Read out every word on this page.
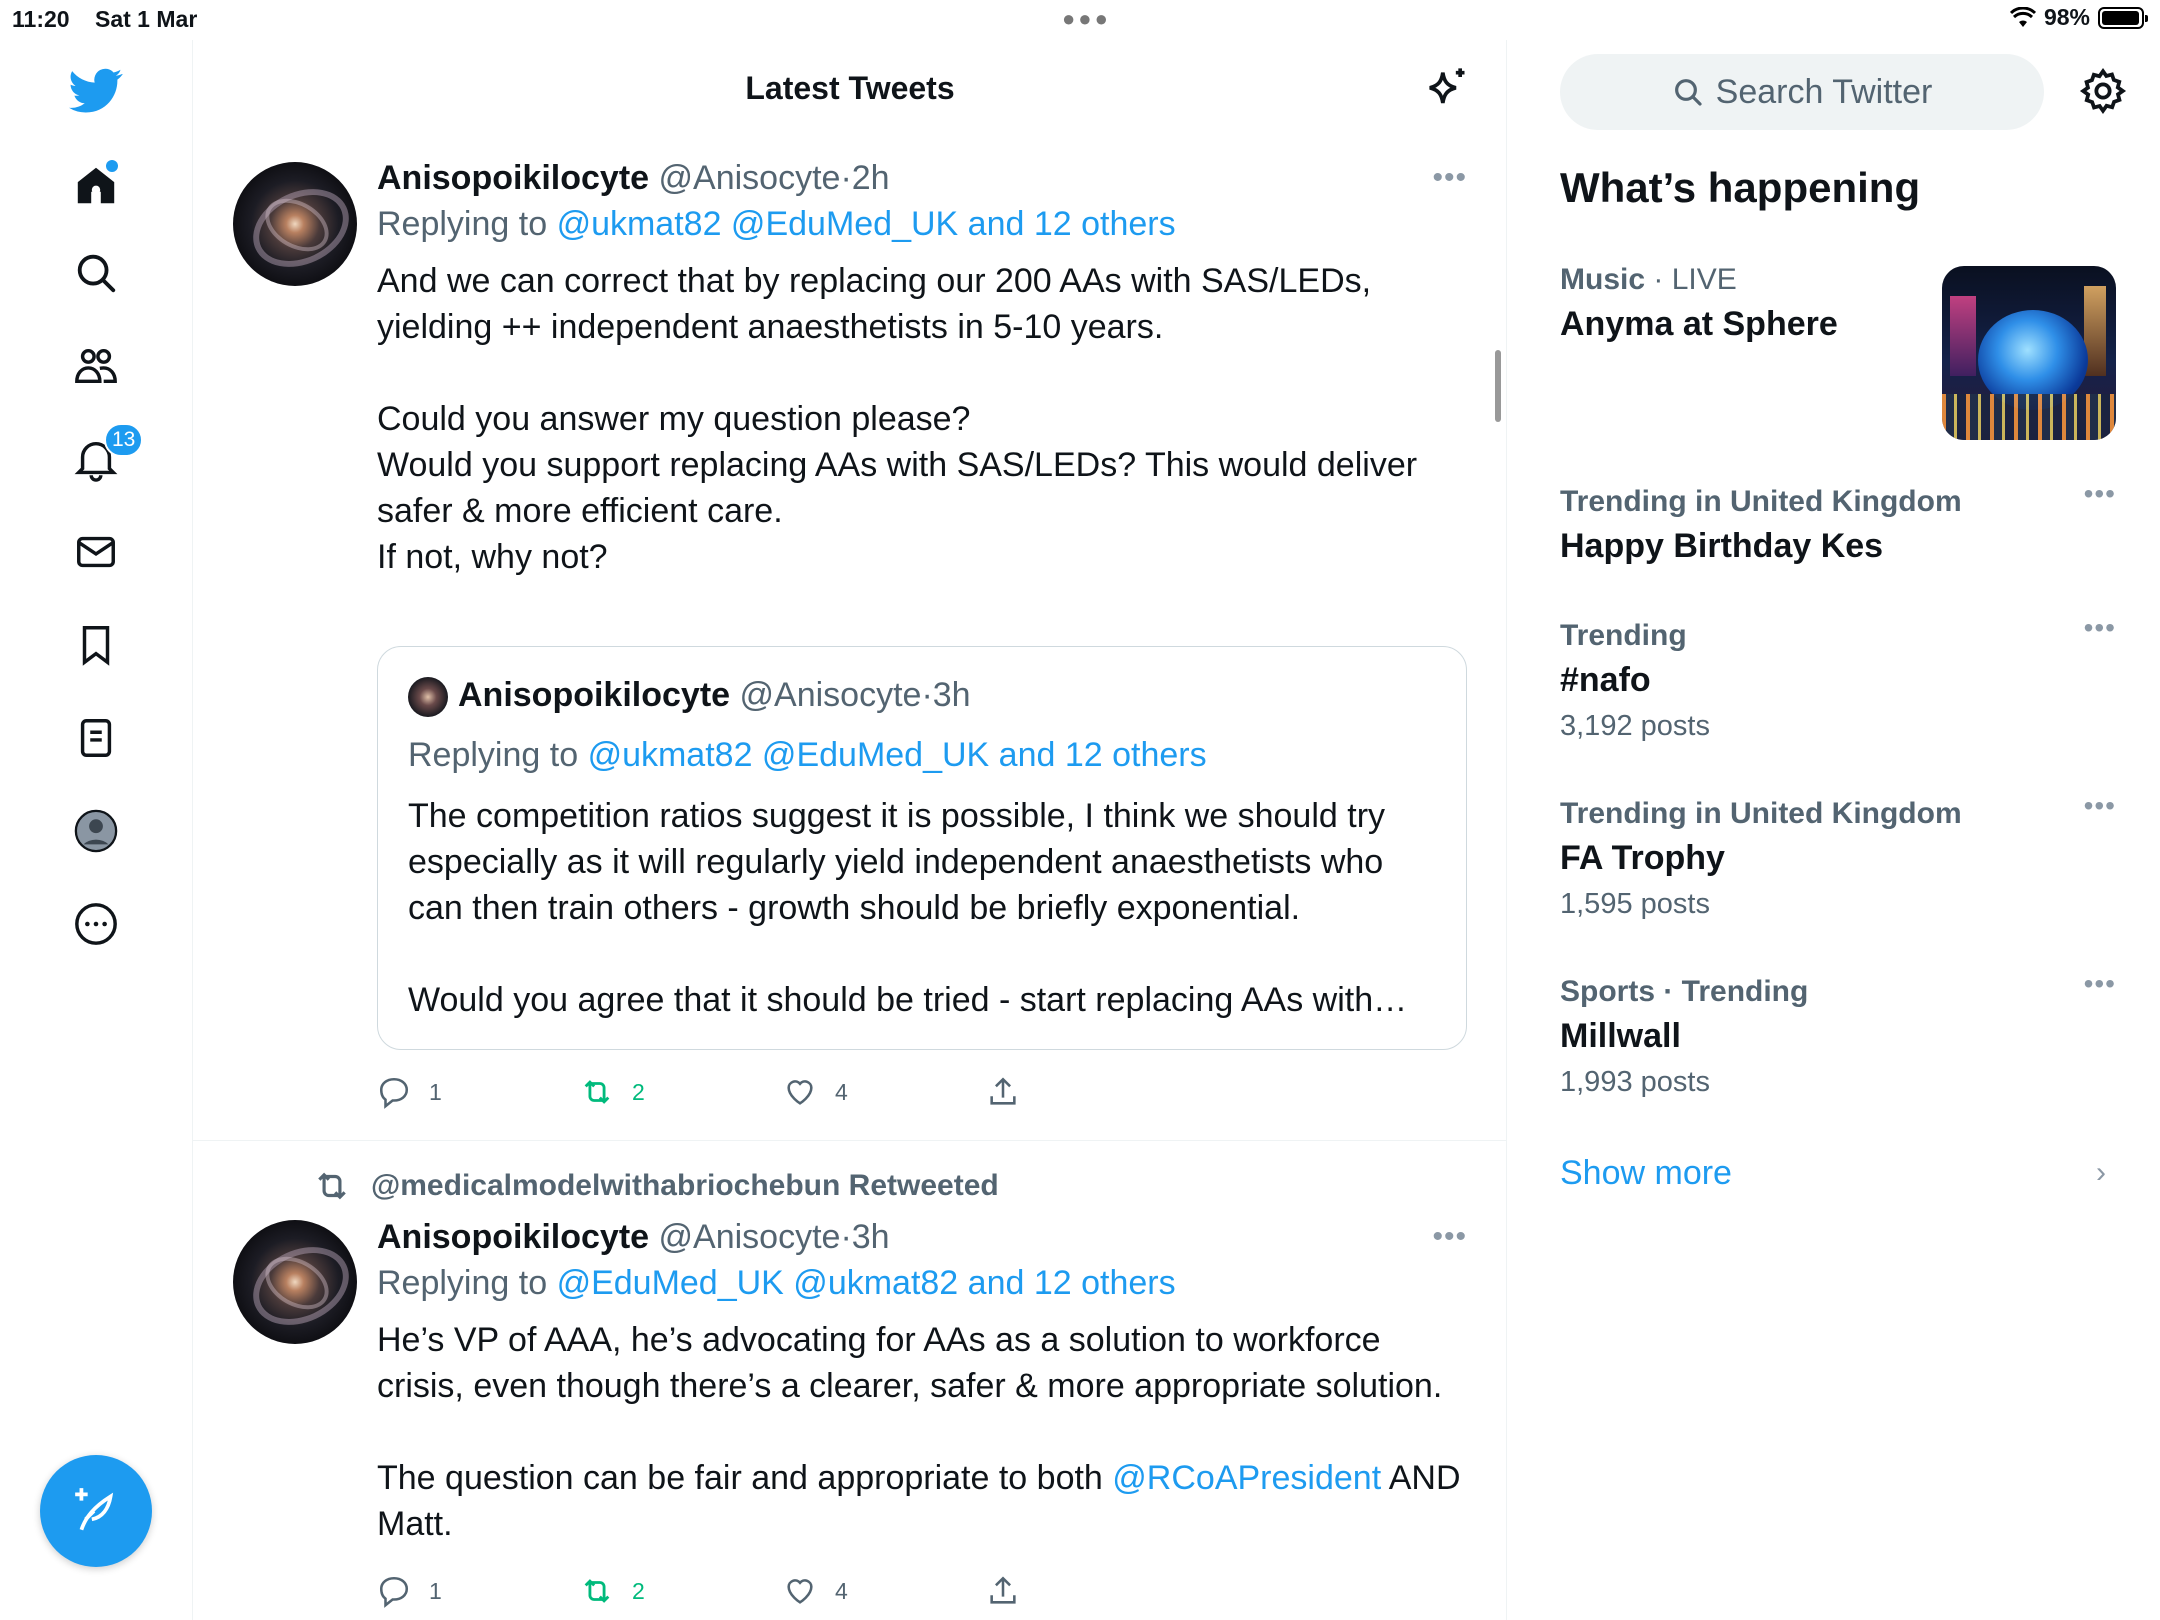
11:20 Sat 1 Mar	●●●	98%
13
Latest Tweets
Anisopoikilocyte @Anisocyte·2h	•••
Replying to @ukmat82 @EduMed_UK and 12 others

And we can correct that by replacing our 200 AAs with SAS/LEDs, yielding ++ independent anaesthetists in 5-10 years.

Could you answer my question please?
Would you support replacing AAs with SAS/LEDs? This would deliver safer & more efficient care.
If not, why not?

Anisopoikilocyte @Anisocyte·3h
Replying to @ukmat82 @EduMed_UK and 12 others

The competition ratios suggest it is possible, I think we should try especially as it will regularly yield independent anaesthetists who can then train others - growth should be briefly exponential.

Would you agree that it should be tried - start replacing AAs with…

1	2	4
@medicalmodelwithabriochebun Retweeted
Anisopoikilocyte @Anisocyte·3h	•••
Replying to @EduMed_UK @ukmat82 and 12 others

He’s VP of AAA, he’s advocating for AAs as a solution to workforce crisis, even though there’s a clearer, safer & more appropriate solution.

The question can be fair and appropriate to both @RCoAPresident AND Matt.

1	2	4
Search Twitter
What’s happening
Music · LIVE
Anyma at Sphere
Trending in United Kingdom
Happy Birthday Kes
•••
Trending
#nafo
3,192 posts
•••
Trending in United Kingdom
FA Trophy
1,595 posts
•••
Sports · Trending
Millwall
1,993 posts
•••
Show more	›
